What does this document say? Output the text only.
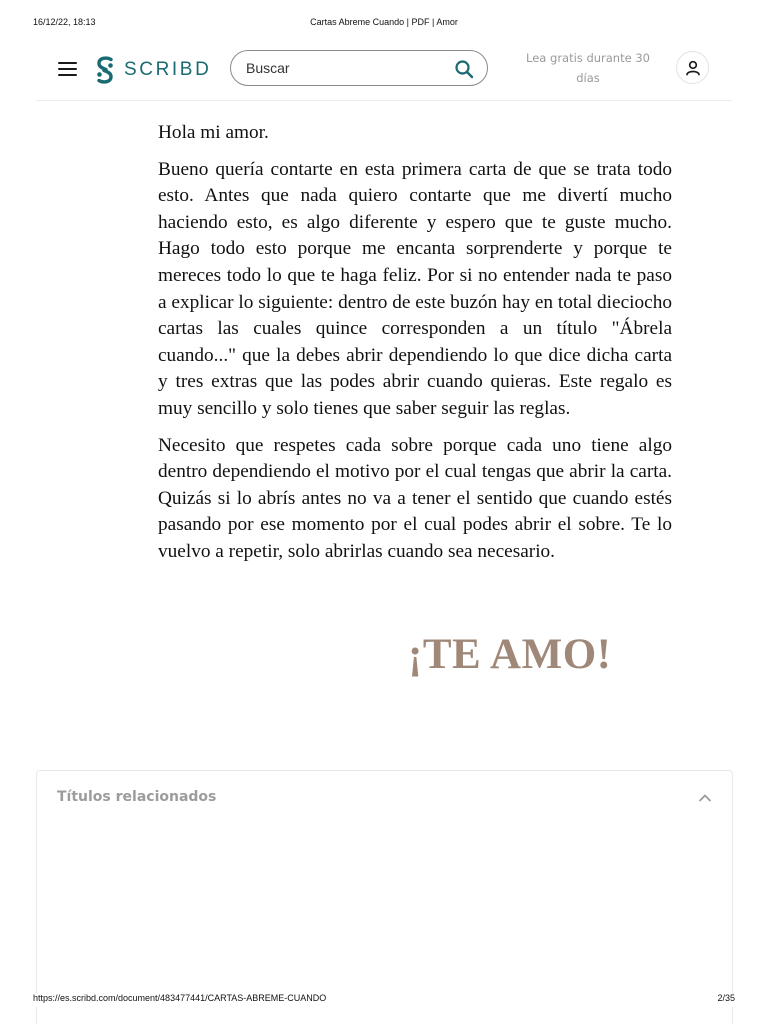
16/12/22, 18:13	Cartas Abreme Cuando | PDF | Amor
SCRIBD
Buscar
Lea gratis durante 30 días

Hola mi amor.

Bueno quería contarte en esta primera carta de que se trata todo esto. Antes que nada quiero contarte que me divertí mucho haciendo esto, es algo diferente y espero que te guste mucho. Hago todo esto porque me encanta sorprenderte y porque te mereces todo lo que te haga feliz. Por si no entender nada te paso a explicar lo siguiente: dentro de este buzón hay en total dieciocho cartas las cuales quince corresponden a un título "Ábrela cuando..." que la debes abrir dependiendo lo que dice dicha carta y tres extras que las podes abrir cuando quieras. Este regalo es muy sencillo y solo tienes que saber seguir las reglas.

Necesito que respetes cada sobre porque cada uno tiene algo dentro dependiendo el motivo por el cual tengas que abrir la carta. Quizás si lo abrís antes no va a tener el sentido que cuando estés pasando por ese momento por el cual podes abrir el sobre. Te lo vuelvo a repetir, solo abrirlas cuando sea necesario.

¡TE AMO!
Títulos relacionados
https://es.scribd.com/document/483477441/CARTAS-ABREME-CUANDO	2/35
